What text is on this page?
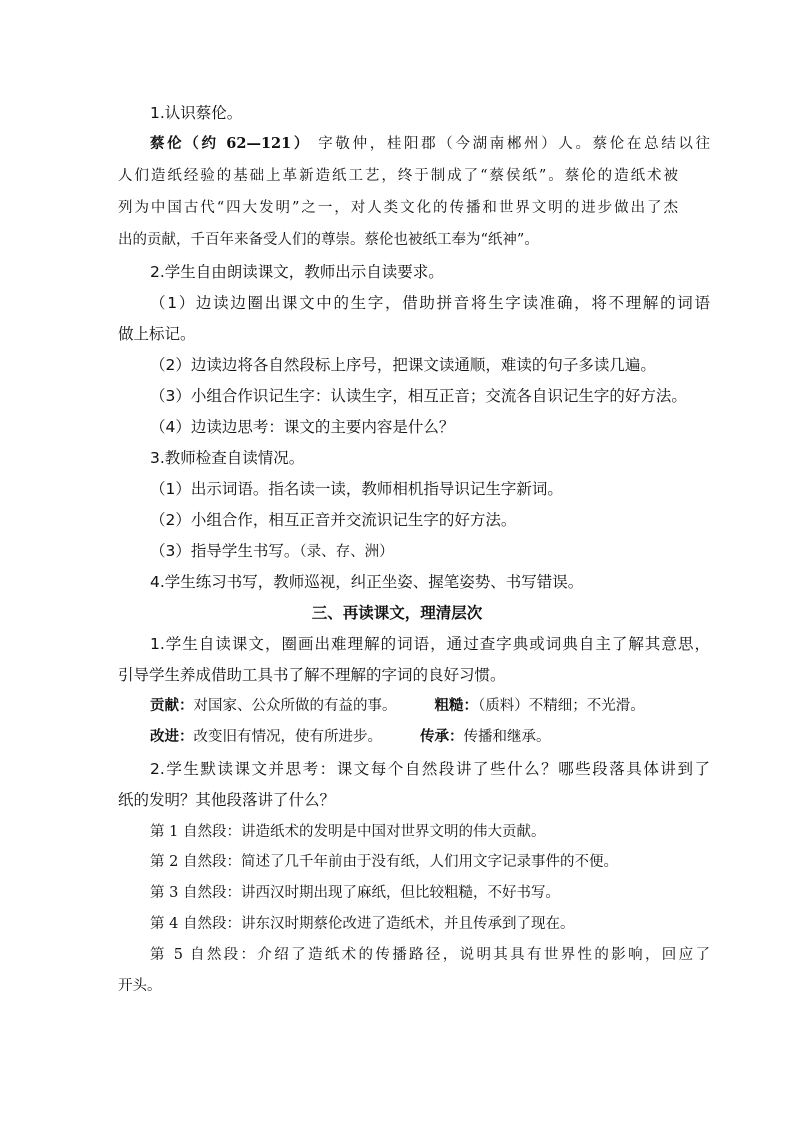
1.认识蔡伦。
蔡伦（约 62—121） 字敬仲，桂阳郡（今湖南郴州）人。蔡伦在总结以往
人们造纸经验的基础上革新造纸工艺，终于制成了“蔡侯纸”。蔡伦的造纸术被
列为中国古代“四大发明”之一，对人类文化的传播和世界文明的进步做出了杰
出的贡献，千百年来备受人们的尊崇。蔡伦也被纸工奉为“纸神”。
2.学生自由朗读课文，教师出示自读要求。
（1）边读边圈出课文中的生字，借助拼音将生字读准确，将不理解的词语
做上标记。
（2）边读边将各自然段标上序号，把课文读通顺，难读的句子多读几遍。
（3）小组合作识记生字：认读生字，相互正音；交流各自识记生字的好方法。
（4）边读边思考：课文的主要内容是什么？
3.教师检查自读情况。
（1）出示词语。指名读一读，教师相机指导识记生字新词。
（2）小组合作，相互正音并交流识记生字的好方法。
（3）指导学生书写。（录、存、洲）
4.学生练习书写，教师巡视，纠正坐姿、握笔姿势、书写错误。
三、再读课文，理清层次
1.学生自读课文，圈画出难理解的词语，通过查字典或词典自主了解其意思，
引导学生养成借助工具书了解不理解的字词的良好习惯。
贡献：对国家、公众所做的有益的事。	粗糙：（质料）不精细；不光滑。
改进：改变旧有情况，使有所进步。	传承：传播和继承。
2.学生默读课文并思考：课文每个自然段讲了些什么？哪些段落具体讲到了
纸的发明？其他段落讲了什么？
第 1 自然段：讲造纸术的发明是中国对世界文明的伟大贡献。
第 2 自然段：简述了几千年前由于没有纸，人们用文字记录事件的不便。
第 3 自然段：讲西汉时期出现了麻纸，但比较粗糙，不好书写。
第 4 自然段：讲东汉时期蔡伦改进了造纸术，并且传承到了现在。
第 5 自然段：介绍了造纸术的传播路径，说明其具有世界性的影响，回应了
开头。
